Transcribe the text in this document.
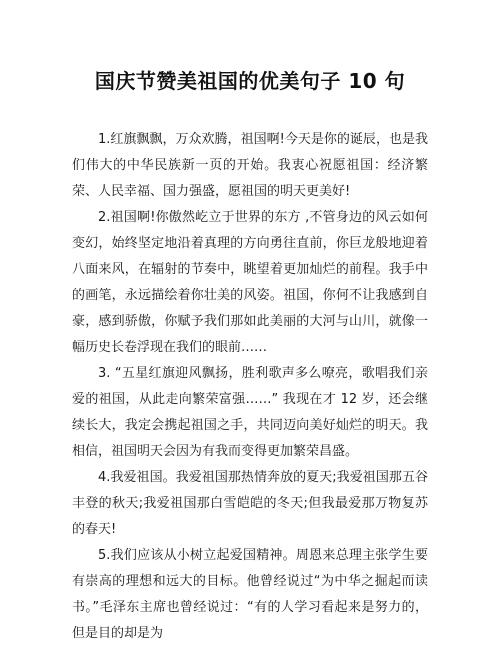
国庆节赞美祖国的优美句子 10 句

1.红旗飘飘，万众欢腾，祖国啊!今天是你的诞辰，也是我们伟大的中华民族新一页的开始。我衷心祝愿祖国：经济繁荣、人民幸福、国力强盛，愿祖国的明天更美好!

2.祖国啊!你傲然屹立于世界的东方 ,不管身边的风云如何变幻，始终坚定地沿着真理的方向勇往直前，你巨龙般地迎着八面来风，在辐射的节奏中，眺望着更加灿烂的前程。我手中的画笔，永远描绘着你壮美的风姿。祖国，你何不让我感到自豪，感到骄傲，你赋予我们那如此美丽的大河与山川，就像一幅历史长卷浮现在我们的眼前……

3. “五星红旗迎风飘扬，胜利歌声多么嘹亮，歌唱我们亲爱的祖国，从此走向繁荣富强……” 我现在才 12 岁，还会继续长大，我定会携起祖国之手，共同迈向美好灿烂的明天。我相信，祖国明天会因为有我而变得更加繁荣昌盛。

4.我爱祖国。我爱祖国那热情奔放的夏天;我爱祖国那五谷丰登的秋天;我爱祖国那白雪皑皑的冬天;但我最爱那万物复苏的春天!

5.我们应该从小树立起爱国精神。周恩来总理主张学生要有崇高的理想和远大的目标。他曾经说过“为中华之掘起而读书。”毛泽东主席也曾经说过：“有的人学习看起来是努力的，但是目的却是为
